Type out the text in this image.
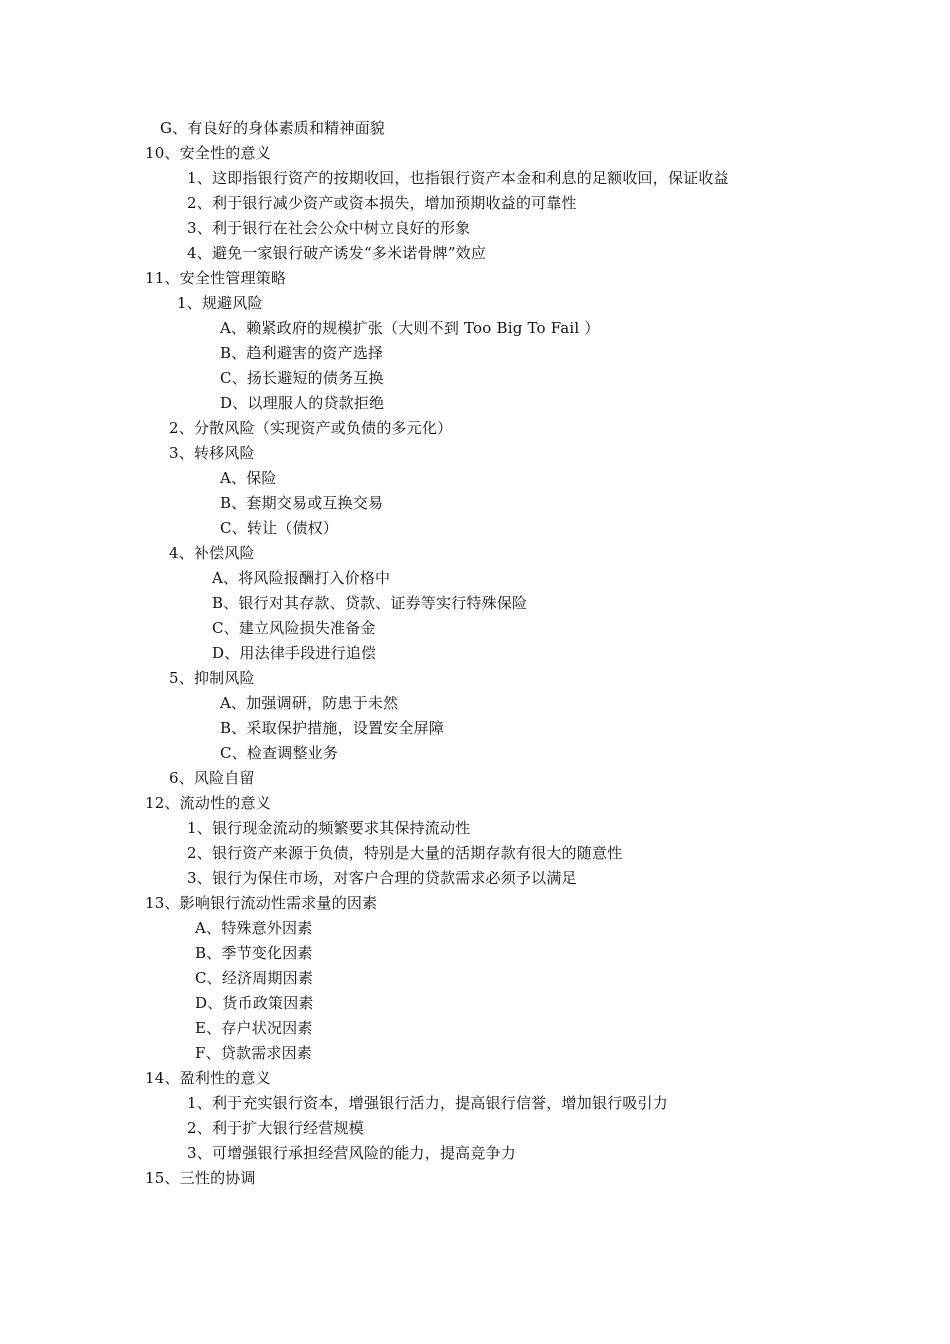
G、有良好的身体素质和精神面貌
10、安全性的意义
1、这即指银行资产的按期收回，也指银行资产本金和利息的足额收回，保证收益
2、利于银行减少资产或资本损失，增加预期收益的可靠性
3、利于银行在社会公众中树立良好的形象
4、避免一家银行破产诱发“多米诺骨牌”效应
11、安全性管理策略
1、规避风险
A、赖紧政府的规模扩张（大则不到 Too Big To Fail ）
B、趋利避害的资产选择
C、扬长避短的债务互换
D、以理服人的贷款拒绝
2、分散风险（实现资产或负债的多元化）
3、转移风险
A、保险
B、套期交易或互换交易
C、转让（债权）
4、补偿风险
A、将风险报酬打入价格中
B、银行对其存款、贷款、证券等实行特殊保险
C、建立风险损失准备金
D、用法律手段进行追偿
5、抑制风险
A、加强调研，防患于未然
B、采取保护措施，设置安全屏障
C、检查调整业务
6、风险自留
12、流动性的意义
1、银行现金流动的频繁要求其保持流动性
2、银行资产来源于负债，特别是大量的活期存款有很大的随意性
3、银行为保住市场，对客户合理的贷款需求必须予以满足
13、影响银行流动性需求量的因素
A、特殊意外因素
B、季节变化因素
C、经济周期因素
D、货币政策因素
E、存户状况因素
F、贷款需求因素
14、盈利性的意义
1、利于充实银行资本，增强银行活力，提高银行信誉，增加银行吸引力
2、利于扩大银行经营规模
3、可增强银行承担经营风险的能力，提高竞争力
15、三性的协调
